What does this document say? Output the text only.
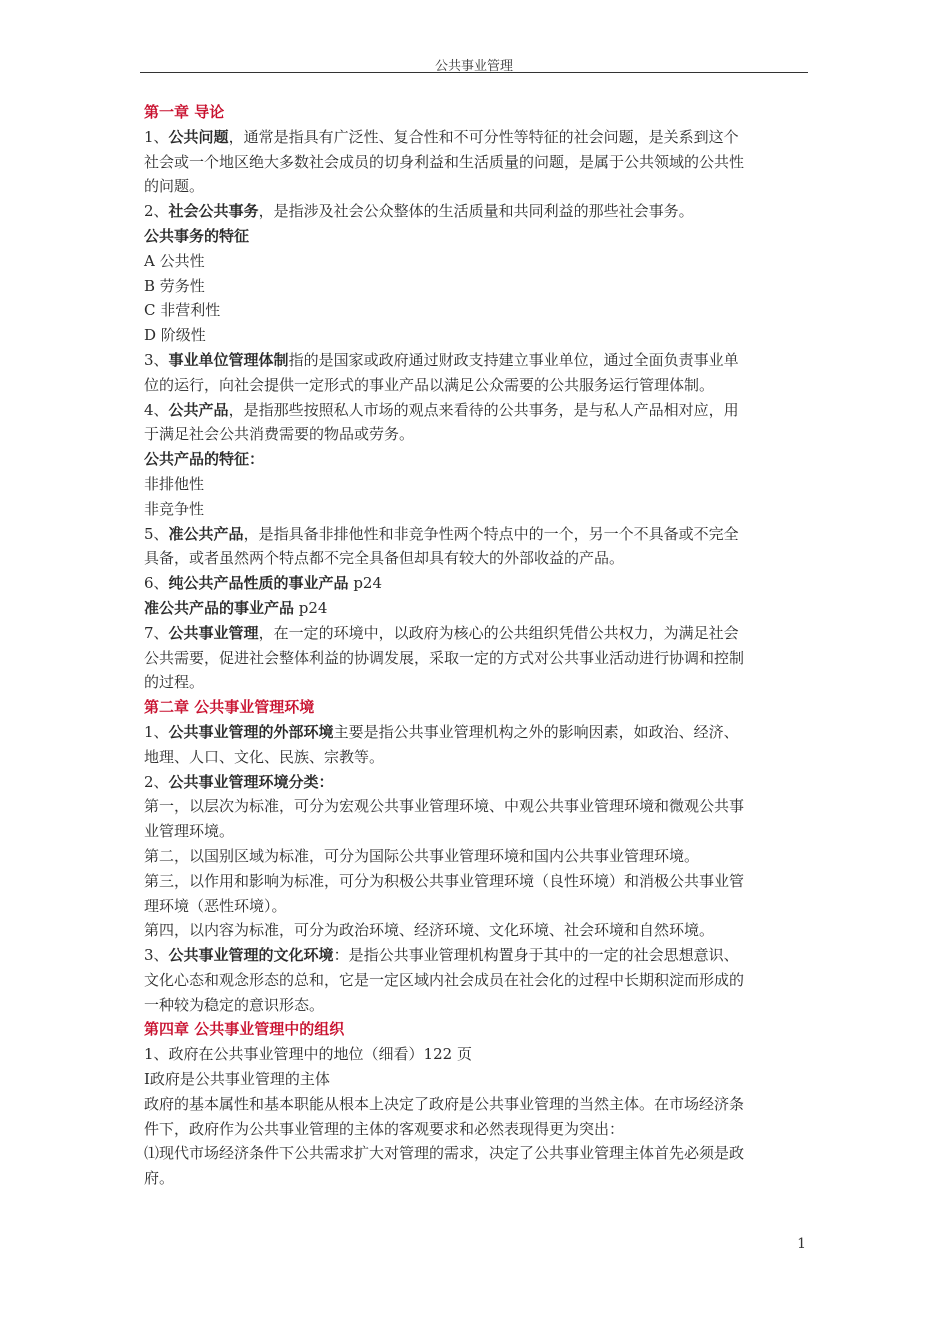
公共事业管理
第一章 导论
1、公共问题，通常是指具有广泛性、复合性和不可分性等特征的社会问题，是关系到这个
社会或一个地区绝大多数社会成员的切身利益和生活质量的问题，是属于公共领域的公共性
的问题。
2、社会公共事务，是指涉及社会公众整体的生活质量和共同利益的那些社会事务。
公共事务的特征
A 公共性
B 劳务性
C 非营利性
D 阶级性
3、事业单位管理体制指的是国家或政府通过财政支持建立事业单位，通过全面负责事业单
位的运行，向社会提供一定形式的事业产品以满足公众需要的公共服务运行管理体制。
4、公共产品，是指那些按照私人市场的观点来看待的公共事务，是与私人产品相对应，用
于满足社会公共消费需要的物品或劳务。
公共产品的特征：
非排他性
非竞争性
5、准公共产品，是指具备非排他性和非竞争性两个特点中的一个，另一个不具备或不完全
具备，或者虽然两个特点都不完全具备但却具有较大的外部收益的产品。
6、纯公共产品性质的事业产品 p24
准公共产品的事业产品 p24
7、公共事业管理，在一定的环境中，以政府为核心的公共组织凭借公共权力，为满足社会
公共需要，促进社会整体利益的协调发展，采取一定的方式对公共事业活动进行协调和控制
的过程。
第二章 公共事业管理环境
1、公共事业管理的外部环境主要是指公共事业管理机构之外的影响因素，如政治、经济、
地理、人口、文化、民族、宗教等。
2、公共事业管理环境分类：
第一，以层次为标准，可分为宏观公共事业管理环境、中观公共事业管理环境和微观公共事
业管理环境。
第二，以国别区域为标准，可分为国际公共事业管理环境和国内公共事业管理环境。
第三，以作用和影响为标准，可分为积极公共事业管理环境（良性环境）和消极公共事业管
理环境（恶性环境）。
第四，以内容为标准，可分为政治环境、经济环境、文化环境、社会环境和自然环境。
3、公共事业管理的文化环境：是指公共事业管理机构置身于其中的一定的社会思想意识、
文化心态和观念形态的总和，它是一定区域内社会成员在社会化的过程中长期积淀而形成的
一种较为稳定的意识形态。
第四章 公共事业管理中的组织
1、政府在公共事业管理中的地位（细看）122 页
Ⅰ政府是公共事业管理的主体
政府的基本属性和基本职能从根本上决定了政府是公共事业管理的当然主体。在市场经济条
件下，政府作为公共事业管理的主体的客观要求和必然表现得更为突出：
⑴现代市场经济条件下公共需求扩大对管理的需求，决定了公共事业管理主体首先必须是政
府。
1
